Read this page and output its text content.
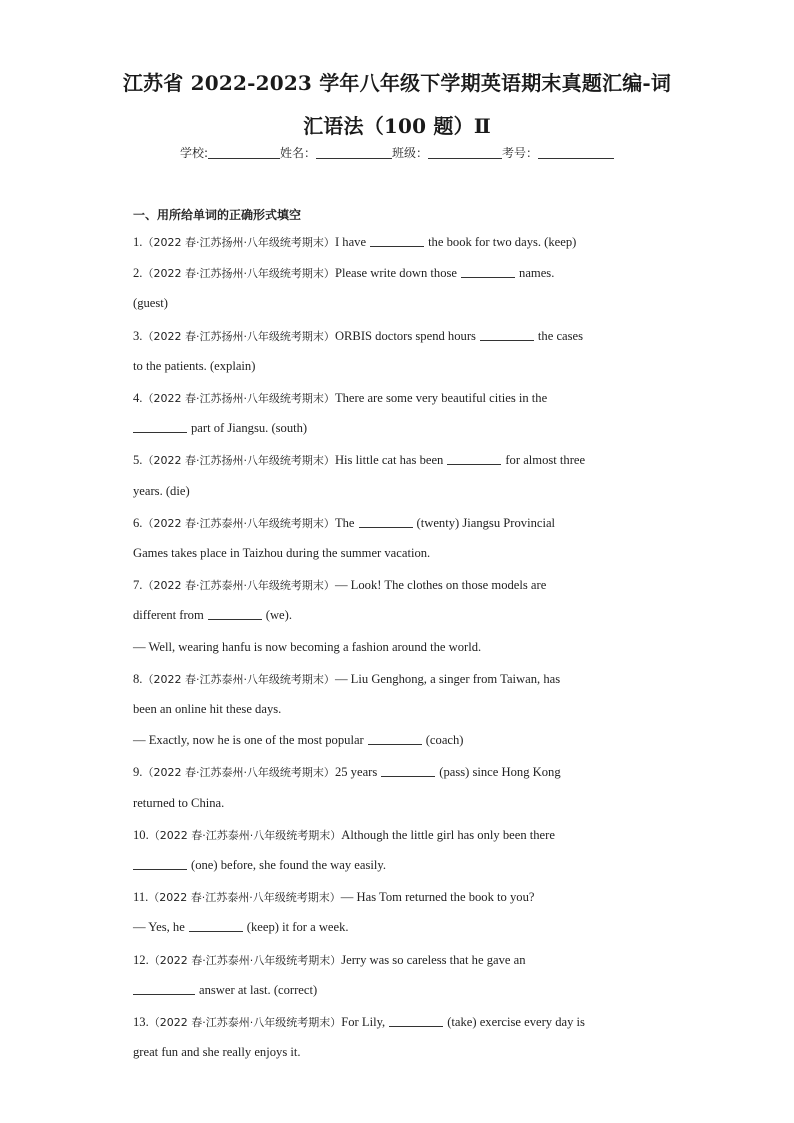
江苏省 2022-2023 学年八年级下学期英语期末真题汇编-词
汇语法（100 题）Ⅱ
学校:	姓名：	班级：	考号：
一、用所给单词的正确形式填空
1.（2022 春·江苏扬州·八年级统考期末）I have	the book for two days. (keep)
2.（2022 春·江苏扬州·八年级统考期末）Please write down those	names.
(guest)
3.（2022 春·江苏扬州·八年级统考期末）ORBIS doctors spend hours	the cases
to the patients. (explain)
4.（2022 春·江苏扬州·八年级统考期末）There are some very beautiful cities in the
part of Jiangsu. (south)
5.（2022 春·江苏扬州·八年级统考期末）His little cat has been	for almost three
years. (die)
6.（2022 春·江苏泰州·八年级统考期末）The	(twenty) Jiangsu Provincial
Games takes place in Taizhou during the summer vacation.
7.（2022 春·江苏泰州·八年级统考期末）— Look! The clothes on those models are
different from	(we).
— Well, wearing hanfu is now becoming a fashion around the world.
8.（2022 春·江苏泰州·八年级统考期末）— Liu Genghong, a singer from Taiwan, has
been an online hit these days.
— Exactly, now he is one of the most popular	(coach)
9.（2022 春·江苏泰州·八年级统考期末）25 years	(pass) since Hong Kong
returned to China.
10.（2022 春·江苏泰州·八年级统考期末）Although the little girl has only been there
(one) before, she found the way easily.
11.（2022 春·江苏泰州·八年级统考期末）— Has Tom returned the book to you?
— Yes, he	(keep) it for a week.
12.（2022 春·江苏泰州·八年级统考期末）Jerry was so careless that he gave an
answer at last. (correct)
13.（2022 春·江苏泰州·八年级统考期末）For Lily,	(take) exercise every day is
great fun and she really enjoys it.
